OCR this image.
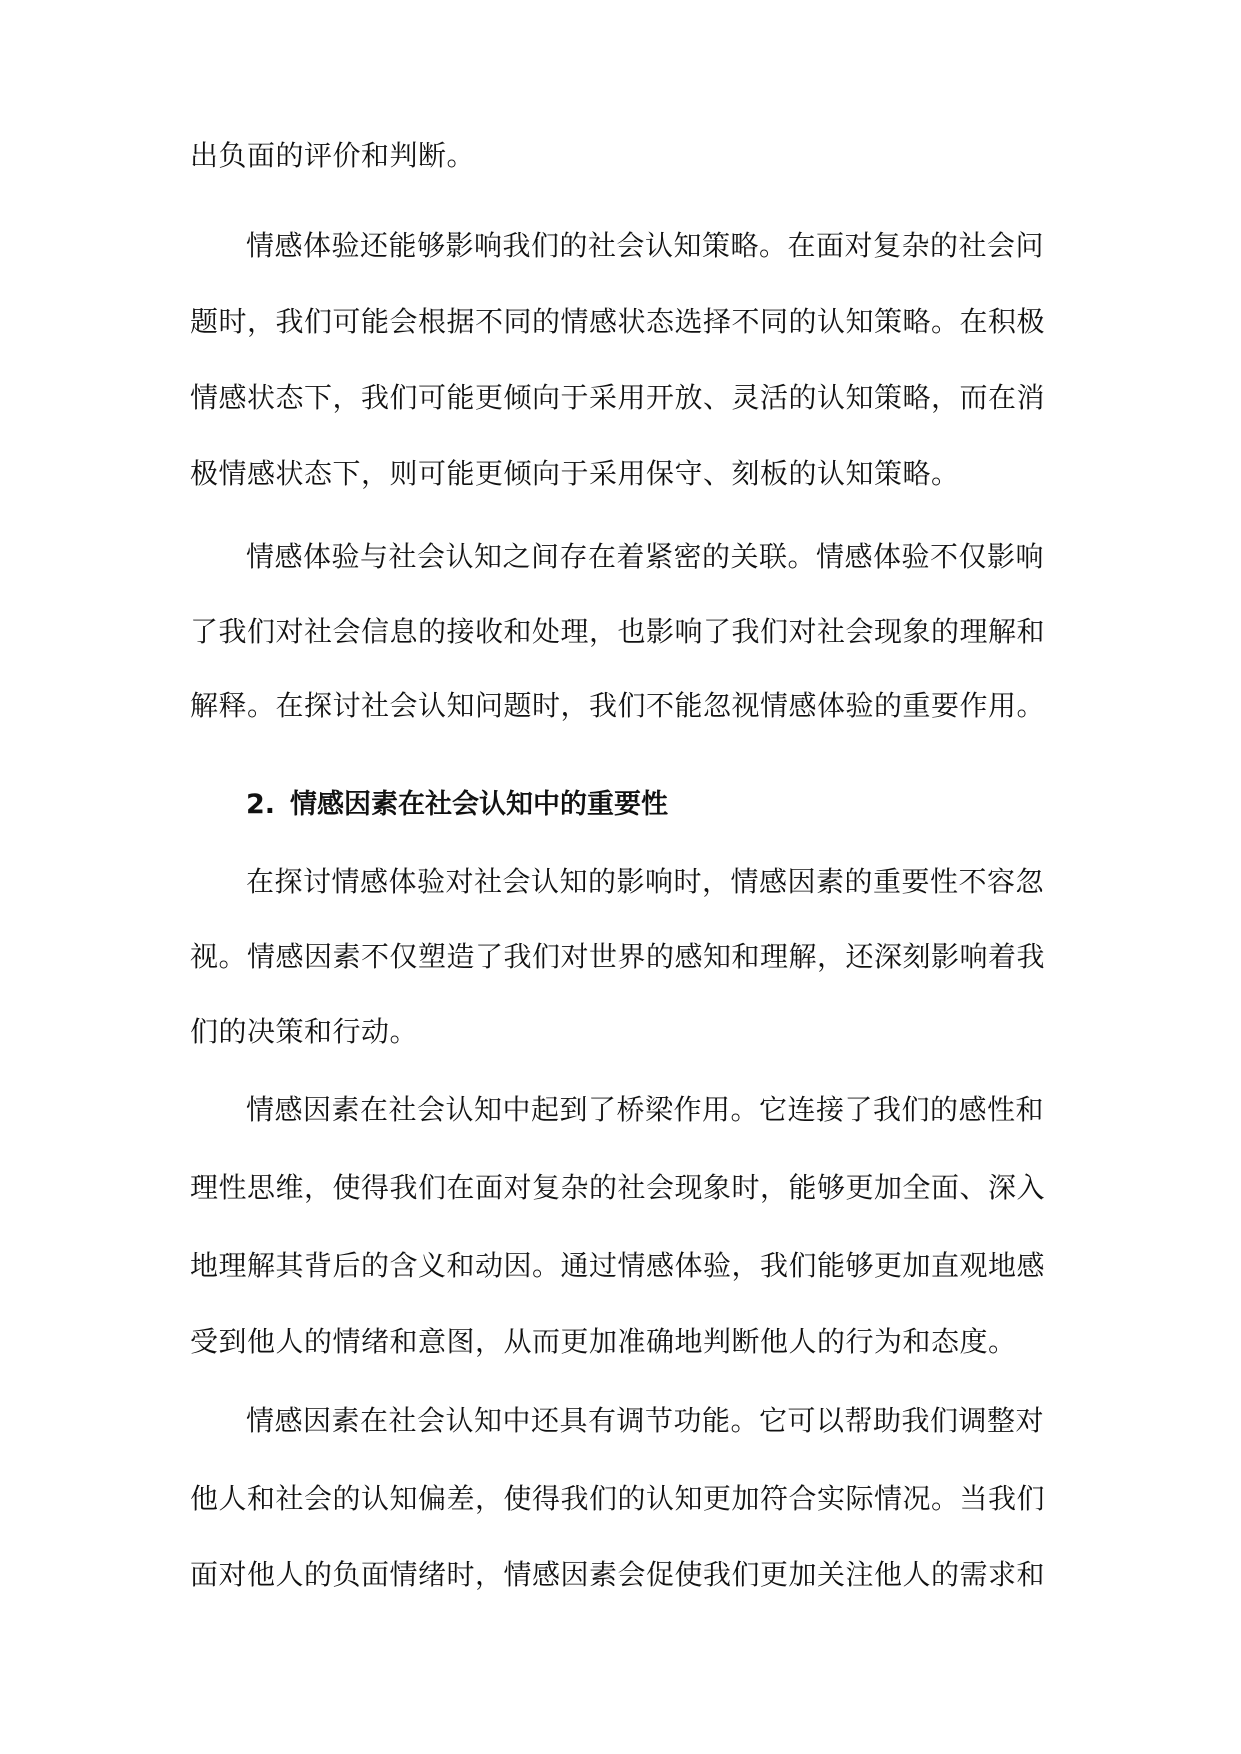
出负面的评价和判断。
情感体验还能够影响我们的社会认知策略。在面对复杂的社会问
题时，我们可能会根据不同的情感状态选择不同的认知策略。在积极
情感状态下，我们可能更倾向于采用开放、灵活的认知策略，而在消
极情感状态下，则可能更倾向于采用保守、刻板的认知策略。
情感体验与社会认知之间存在着紧密的关联。情感体验不仅影响
了我们对社会信息的接收和处理，也影响了我们对社会现象的理解和
解释。在探讨社会认知问题时，我们不能忽视情感体验的重要作用。
2. 情感因素在社会认知中的重要性
在探讨情感体验对社会认知的影响时，情感因素的重要性不容忽
视。情感因素不仅塑造了我们对世界的感知和理解，还深刻影响着我
们的决策和行动。
情感因素在社会认知中起到了桥梁作用。它连接了我们的感性和
理性思维，使得我们在面对复杂的社会现象时，能够更加全面、深入
地理解其背后的含义和动因。通过情感体验，我们能够更加直观地感
受到他人的情绪和意图，从而更加准确地判断他人的行为和态度。
情感因素在社会认知中还具有调节功能。它可以帮助我们调整对
他人和社会的认知偏差，使得我们的认知更加符合实际情况。当我们
面对他人的负面情绪时，情感因素会促使我们更加关注他人的需求和
